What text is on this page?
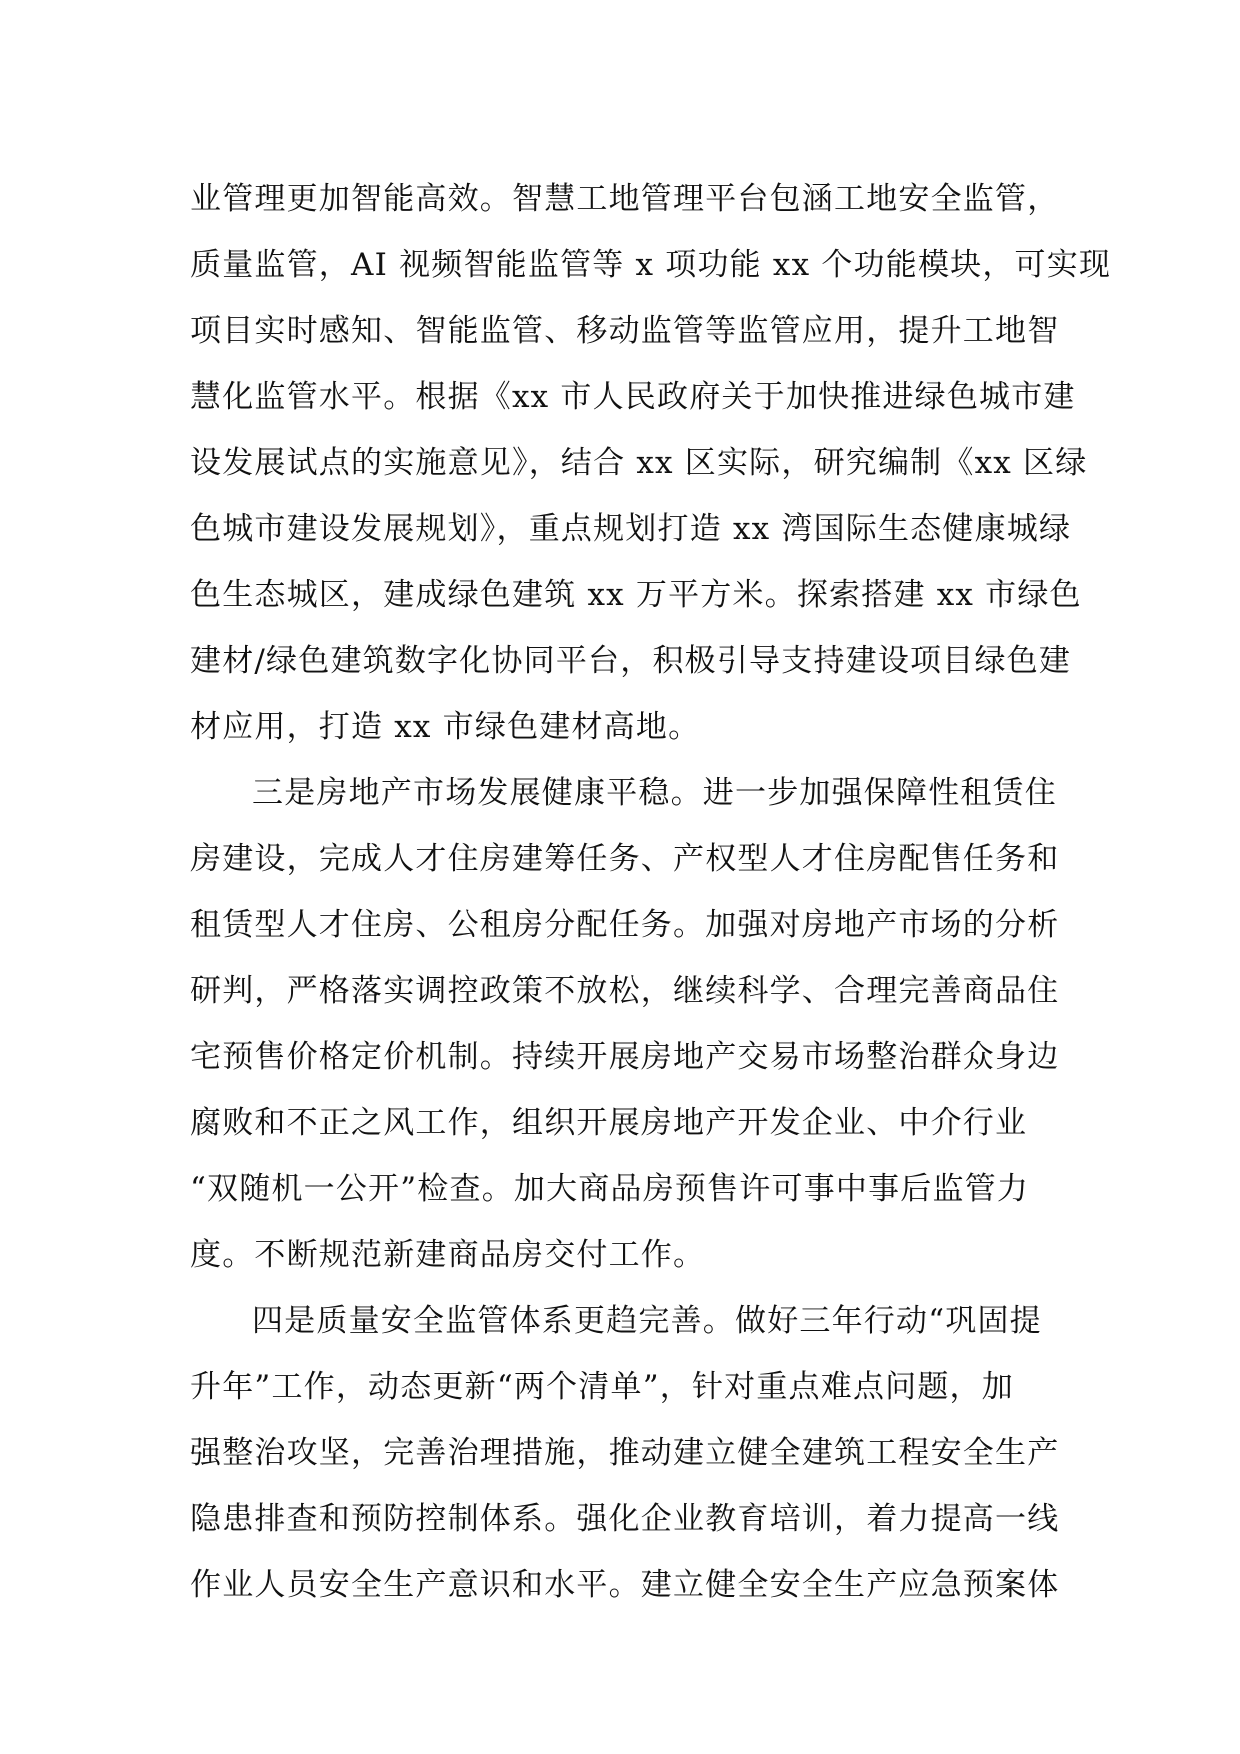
业管理更加智能高效。智慧工地管理平台包涵工地安全监管，
质量监管，AI 视频智能监管等 x 项功能 xx 个功能模块，可实现
项目实时感知、智能监管、移动监管等监管应用，提升工地智
慧化监管水平。根据《xx 市人民政府关于加快推进绿色城市建
设发展试点的实施意见》，结合 xx 区实际，研究编制《xx 区绿
色城市建设发展规划》，重点规划打造 xx 湾国际生态健康城绿
色生态城区，建成绿色建筑 xx 万平方米。探索搭建 xx 市绿色
建材/绿色建筑数字化协同平台，积极引导支持建设项目绿色建
材应用，打造 xx 市绿色建材高地。
三是房地产市场发展健康平稳。进一步加强保障性租赁住
房建设，完成人才住房建筹任务、产权型人才住房配售任务和
租赁型人才住房、公租房分配任务。加强对房地产市场的分析
研判，严格落实调控政策不放松，继续科学、合理完善商品住
宅预售价格定价机制。持续开展房地产交易市场整治群众身边
腐败和不正之风工作，组织开展房地产开发企业、中介行业
“双随机一公开”检查。加大商品房预售许可事中事后监管力
度。不断规范新建商品房交付工作。
四是质量安全监管体系更趋完善。做好三年行动“巩固提
升年”工作，动态更新“两个清单”，针对重点难点问题，加
强整治攻坚，完善治理措施，推动建立健全建筑工程安全生产
隐患排查和预防控制体系。强化企业教育培训，着力提高一线
作业人员安全生产意识和水平。建立健全安全生产应急预案体
